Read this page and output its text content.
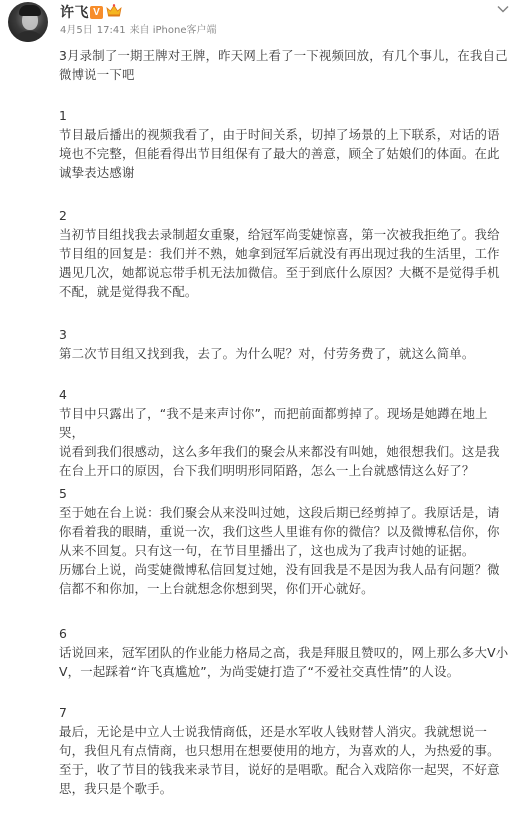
许飞 V
4月5日 17:41 来自 iPhone客户端

3月录制了一期王牌对王牌，昨天网上看了一下视频回放，有几个事儿，在我自己
微博说一下吧

1

节目最后播出的视频我看了，由于时间关系，切掉了场景的上下联系，对话的语
境也不完整，但能看得出节目组保有了最大的善意，顾全了姑娘们的体面。在此
诚挚表达感谢

2

当初节目组找我去录制超女重聚，给冠军尚雯婕惊喜，第一次被我拒绝了。我给
节目组的回复是：我们并不熟，她拿到冠军后就没有再出现过我的生活里，工作
遇见几次，她都说忘带手机无法加微信。至于到底什么原因？大概不是觉得手机
不配，就是觉得我不配。

3

第二次节目组又找到我，去了。为什么呢？对，付劳务费了，就这么简单。

4

节目中只露出了，“我不是来声讨你”，而把前面都剪掉了。现场是她蹲在地上哭，
说看到我们很感动，这么多年我们的聚会从来都没有叫她，她很想我们。这是我
在台上开口的原因，台下我们明明形同陌路，怎么一上台就感情这么好了？

5

至于她在台上说：我们聚会从来没叫过她，这段后期已经剪掉了。我原话是，请
你看着我的眼睛，重说一次，我们这些人里谁有你的微信？以及微博私信你，你
从来不回复。只有这一句，在节目里播出了，这也成为了我声讨她的证据。
历娜台上说，尚雯婕微博私信回复过她，没有回我是不是因为我人品有问题？微
信都不和你加，一上台就想念你想到哭，你们开心就好。

6

话说回来，冠军团队的作业能力格局之高，我是拜服且赞叹的，网上那么多大V小
V，一起踩着“许飞真尴尬”，为尚雯婕打造了“不爱社交真性情”的人设。

7

最后，无论是中立人士说我情商低，还是水军收人钱财替人消灾。我就想说一
句，我但凡有点情商，也只想用在想要使用的地方，为喜欢的人，为热爱的事。
至于，收了节目的钱我来录节目，说好的是唱歌。配合入戏陪你一起哭，不好意
思，我只是个歌手。
